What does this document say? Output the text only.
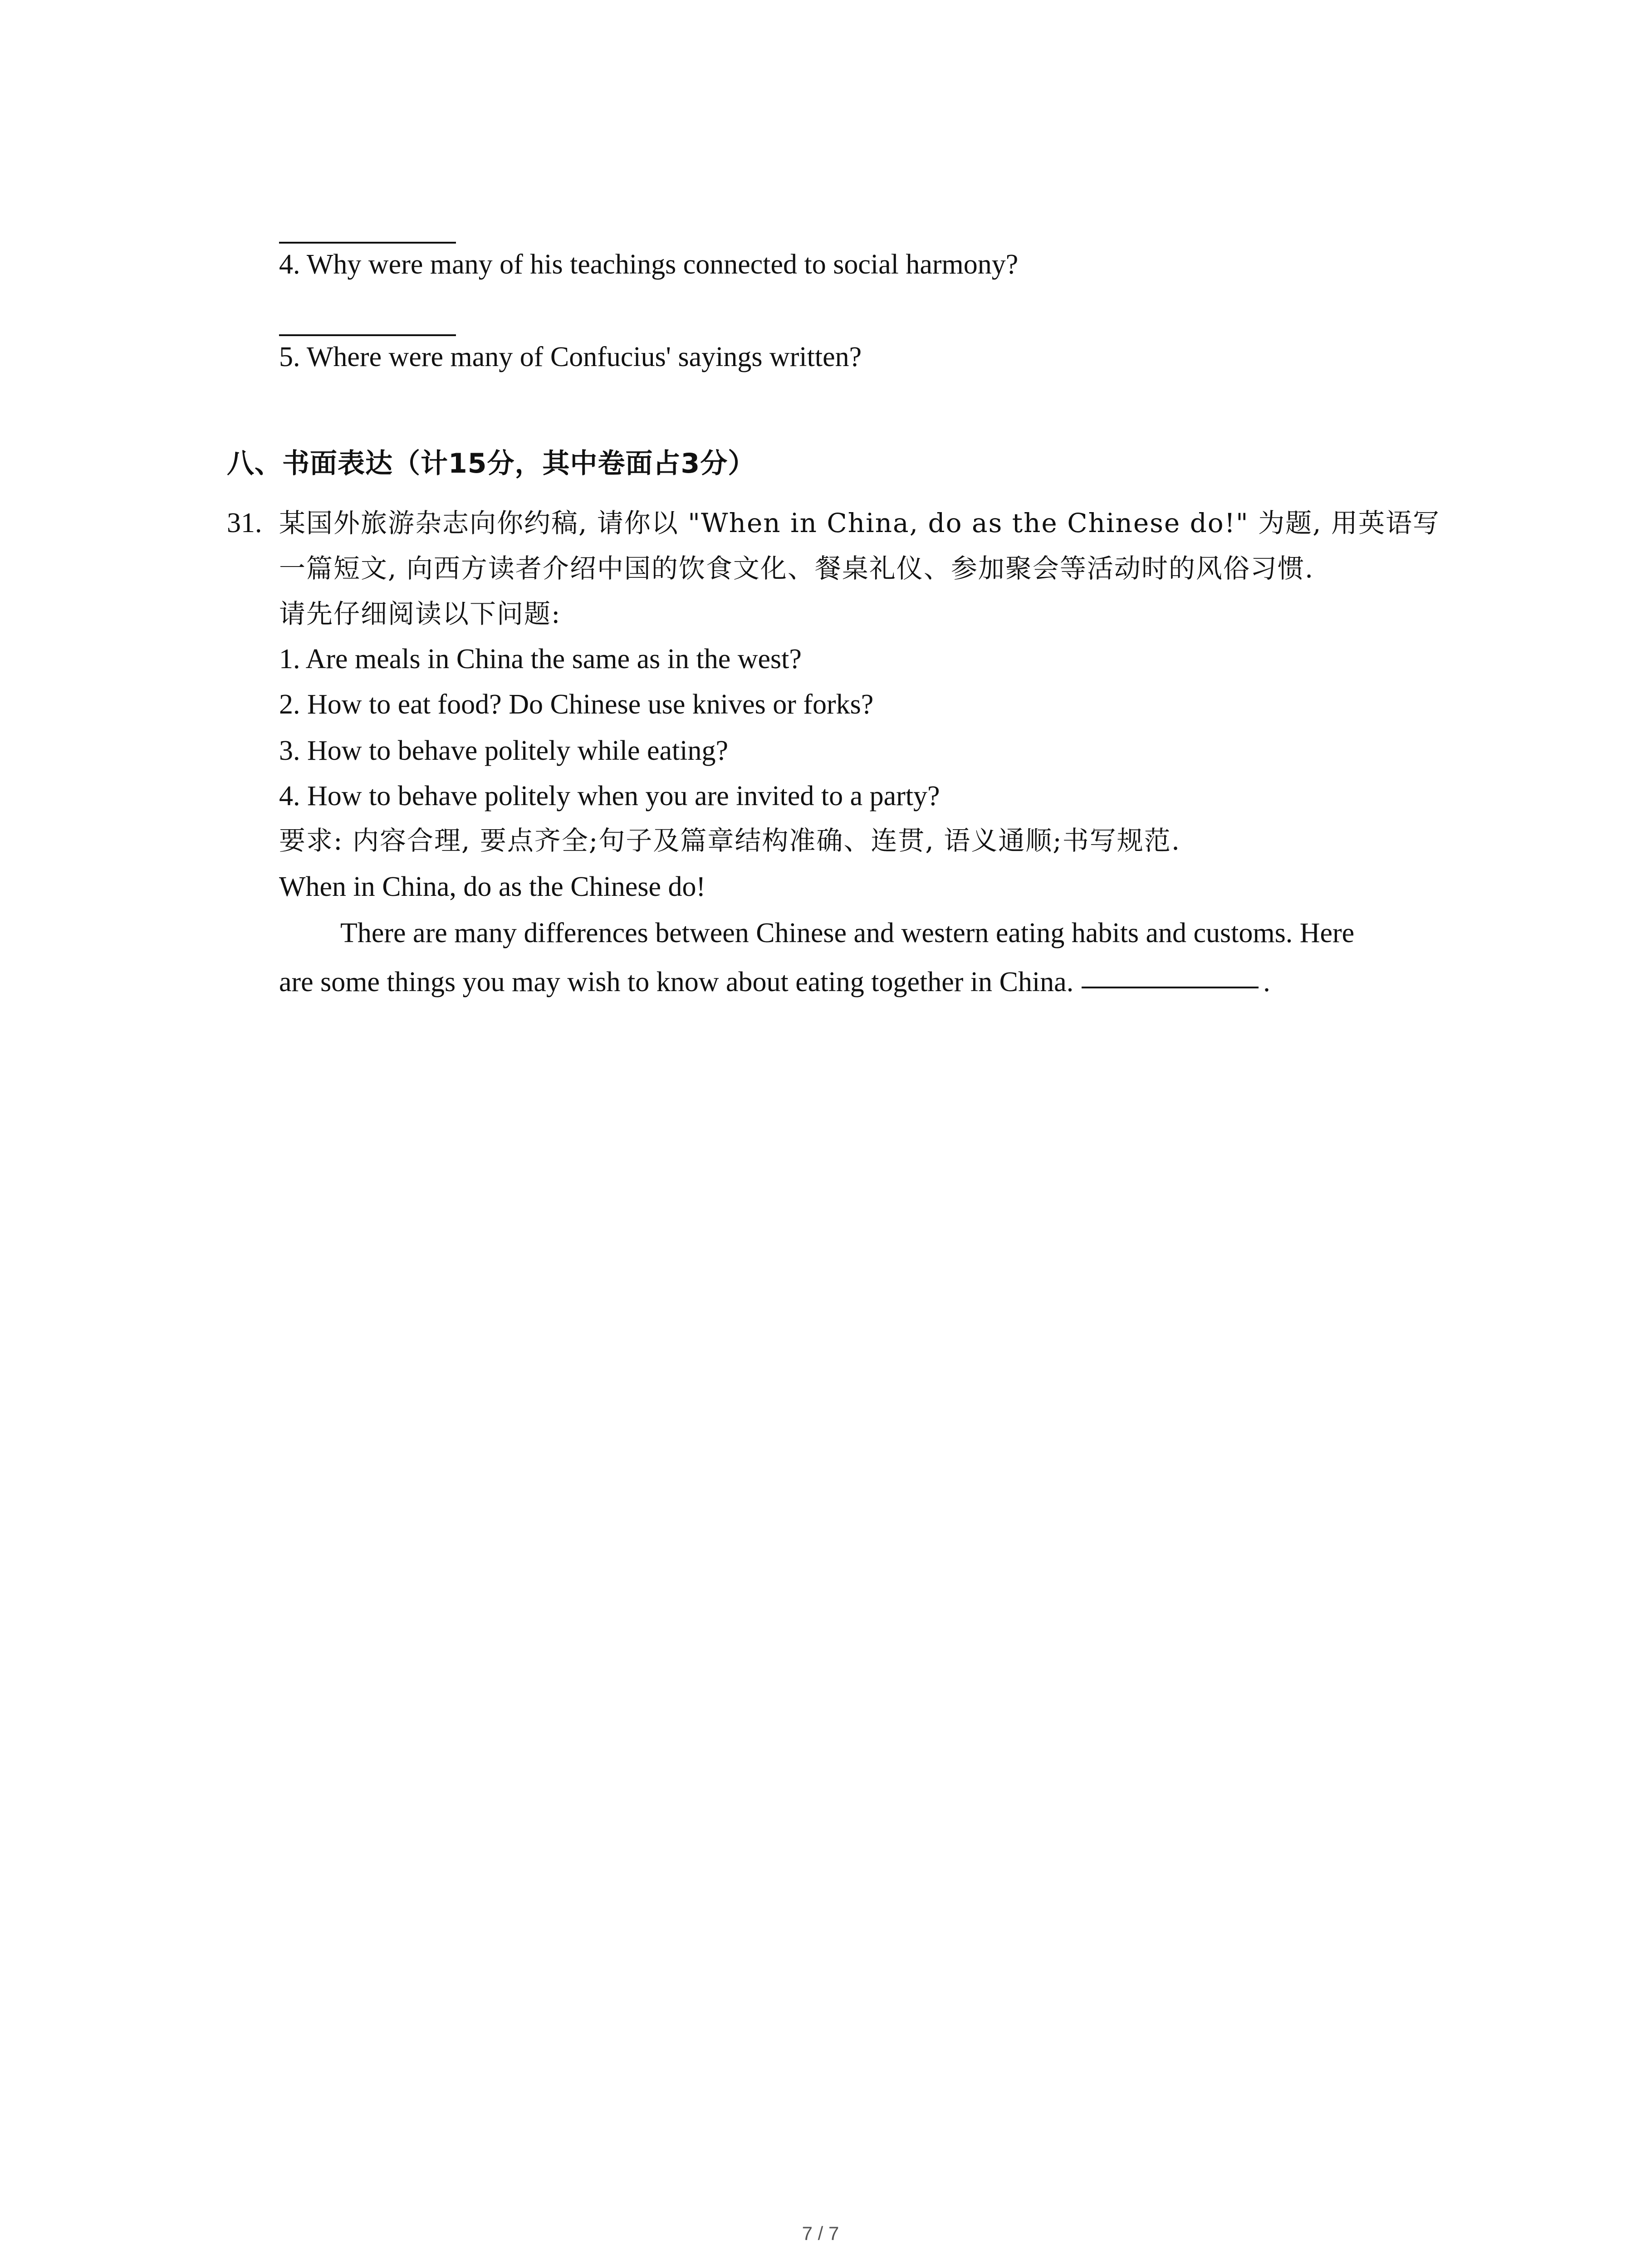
4. Why were many of his teachings connected to social harmony?
5. Where were many of Confucius' sayings written?
八、书面表达（计15分，其中卷面占3分）
31. 某国外旅游杂志向你约稿, 请你以 "When in China, do as the Chinese do!" 为题, 用英语写
一篇短文, 向西方读者介绍中国的饮食文化、餐桌礼仪、参加聚会等活动时的风俗习惯.
请先仔细阅读以下问题:
1. Are meals in China the same as in the west?
2. How to eat food? Do Chinese use knives or forks?
3. How to behave politely while eating?
4. How to behave politely when you are invited to a party?
要求: 内容合理, 要点齐全;句子及篇章结构准确、连贯, 语义通顺;书写规范.
When in China, do as the Chinese do!
There are many differences between Chinese and western eating habits and customs. Here
are some things you may wish to know about eating together in China.	.
7 / 7
